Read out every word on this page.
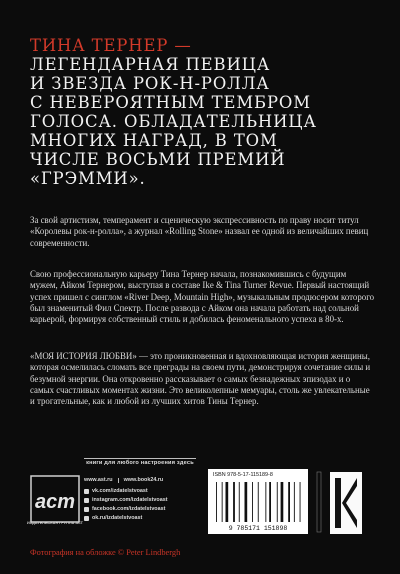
ТИНА ТЕРНЕР —
ЛЕГЕНДАРНАЯ ПЕВИЦА
И ЗВЕЗДА РОК-Н-РОЛЛА
С НЕВЕРОЯТНЫМ ТЕМБРОМ
ГОЛОСА. ОБЛАДАТЕЛЬНИЦА
МНОГИХ НАГРАД, В ТОМ
ЧИСЛЕ ВОСЬМИ ПРЕМИЙ
«ГРЭММИ».
За свой артистизм, темперамент и сценическую экспрессивность по праву носит титул «Королевы рок-н-ролла», а журнал «Rolling Stone» назвал ее одной из величайших певиц современности.
Свою профессиональную карьеру Тина Тернер начала, познакомившись с будущим мужем, Айком Тернером, выступая в составе Ike & Tina Turner Revue. Первый настоящий успех пришел с синглом «River Deep, Mountain High», музыкальным продюсером которого был знаменитый Фил Спектр. После развода с Айком она начала работать над сольной карьерой, формируя собственный стиль и добилась феноменального успеха в 80-х.
«МОЯ ИСТОРИЯ ЛЮБВИ» — это проникновенная и вдохновляющая история женщины, которая осмелилась сломать все преграды на своем пути, демонстрируя сочетание силы и безумной энергии. Она откровенно рассказывает о самых безнадежных эпизодах и о самых счастливых моментах жизни. Это великолепные мемуары, столь же увлекательные и трогательные, как и любой из лучших хитов Тины Тернер.
книги для любого настроения здесь
аст
ИЗДАТЕЛЬСКАЯ ГРУППА АСТ
www.ast.ru www.book24.ru
vk.com/izdatelstvoast
instagram.com/izdatelstvoast
facebook.com/izdatelstvoast
ok.ru/izdatelstvoast
ISBN 978-5-17-115189-8
9 785171 151898
Фотография на обложке © Peter Lindbergh
